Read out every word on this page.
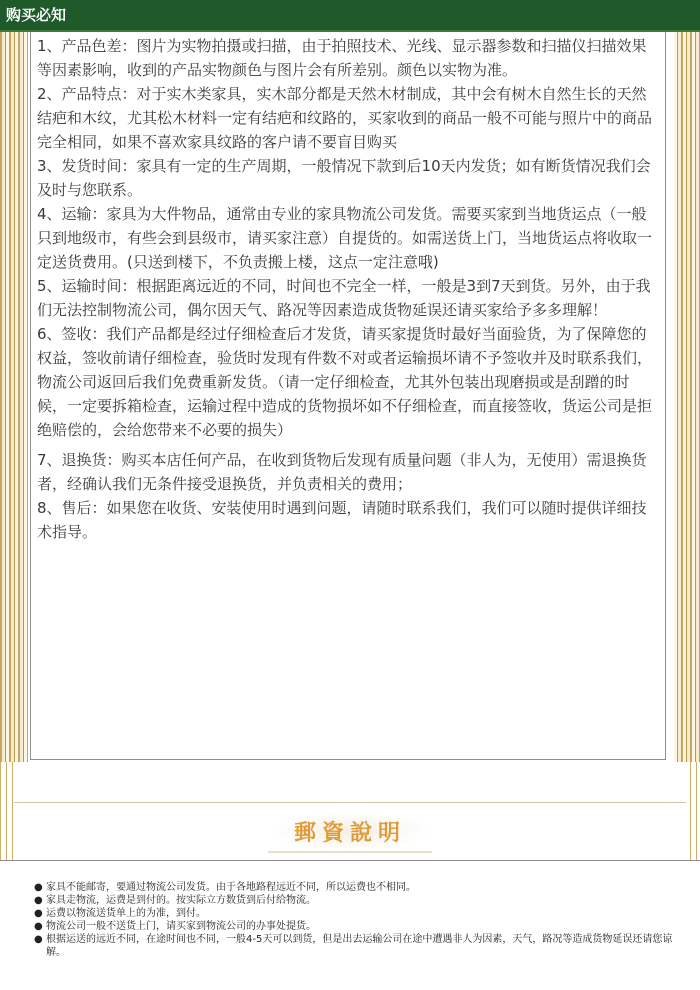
购买必知

1、产品色差：图片为实物拍摄或扫描，由于拍照技术、光线、显示器参数和扫描仪扫描效果等因素影响，收到的产品实物颜色与图片会有所差别。颜色以实物为准。

2、产品特点：对于实木类家具，实木部分都是天然木材制成，其中会有树木自然生长的天然结疤和木纹，尤其松木材料一定有结疤和纹路的，买家收到的商品一般不可能与照片中的商品完全相同，如果不喜欢家具纹路的客户请不要盲目购买

3、发货时间：家具有一定的生产周期，一般情况下款到后10天内发货；如有断货情况我们会及时与您联系。

4、运输：家具为大件物品，通常由专业的家具物流公司发货。需要买家到当地货运点（一般只到地级市，有些会到县级市，请买家注意）自提货的。如需送货上门，当地货运点将收取一定送货费用。(只送到楼下，不负责搬上楼，这点一定注意哦)

5、运输时间：根据距离远近的不同，时间也不完全一样，一般是3到7天到货。另外，由于我们无法控制物流公司，偶尔因天气、路况等因素造成货物延误还请买家给予多多理解！

6、签收：我们产品都是经过仔细检查后才发货，请买家提货时最好当面验货，为了保障您的权益，签收前请仔细检查，验货时发现有件数不对或者运输损坏请不予签收并及时联系我们，物流公司返回后我们免费重新发货。（请一定仔细检查，尤其外包装出现磨损或是刮蹭的时候，一定要拆箱检查，运输过程中造成的货物损坏如不仔细检查，而直接签收，货运公司是拒绝赔偿的，会给您带来不必要的损失）

7、退换货：购买本店任何产品，在收到货物后发现有质量问题（非人为，无使用）需退换货者，经确认我们无条件接受退换货，并负责相关的费用；

8、售后：如果您在收货、安装使用时遇到问题，请随时联系我们，我们可以随时提供详细技术指导。

郵資說明
● 家具不能邮寄，要通过物流公司发货。由于各地路程远近不同，所以运费也不相同。
● 家具走物流，运费是到付的。按实际立方数货到后付给物流。
● 运费以物流送货单上的为准，到付。
● 物流公司一般不送货上门，请买家到物流公司的办事处提货。
● 根据运送的远近不同，在途时间也不同，一般4-5天可以到货，但是出去运输公司在途中遭遇非人为因素，天气，路况等造成货物延误还请您谅解。
